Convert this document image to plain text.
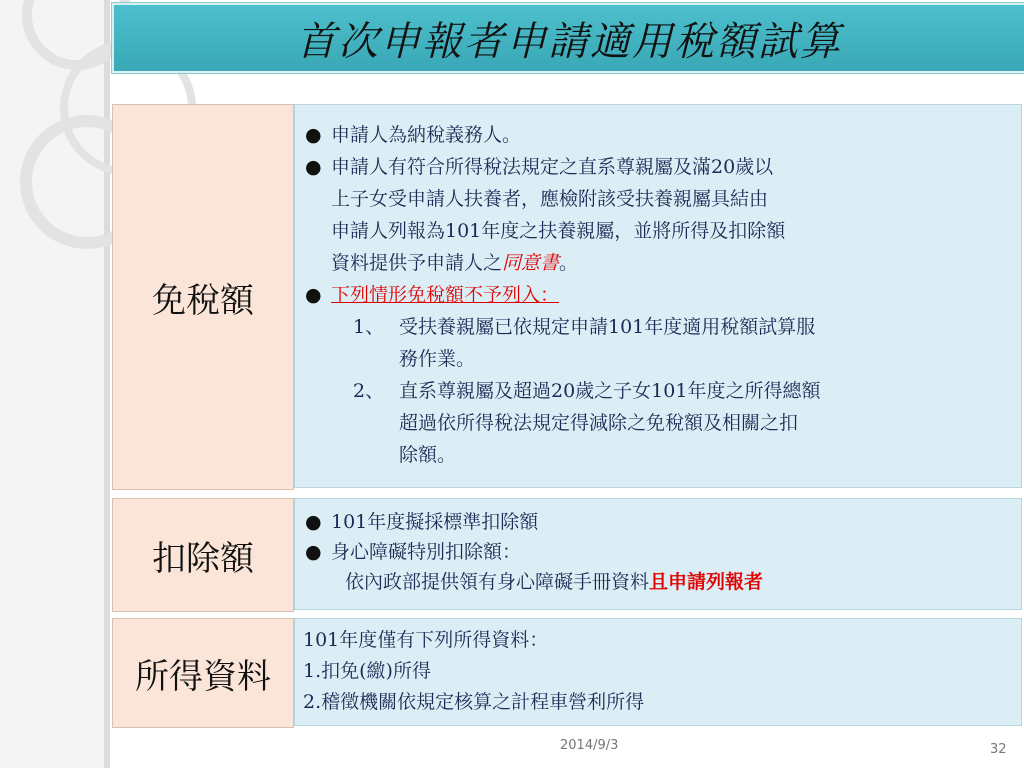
首次申報者申請適用稅額試算
免稅額
● 申請人為納稅義務人。
● 申請人有符合所得稅法規定之直系尊親屬及滿20歲以
上子女受申請人扶養者，應檢附該受扶養親屬具結由
申請人列報為101年度之扶養親屬，並將所得及扣除額
資料提供予申請人之同意書。
● 下列情形免稅額不予列入：
1、 受扶養親屬已依規定申請101年度適用稅額試算服
務作業。
2、 直系尊親屬及超過20歲之子女101年度之所得總額
超過依所得稅法規定得減除之免稅額及相關之扣
除額。
扣除額
● 101年度擬採標準扣除額
● 身心障礙特別扣除額：
依內政部提供領有身心障礙手冊資料且申請列報者
所得資料
101年度僅有下列所得資料：
1.扣免(繳)所得
2.稽徵機關依規定核算之計程車營利所得
2014/9/3	32
